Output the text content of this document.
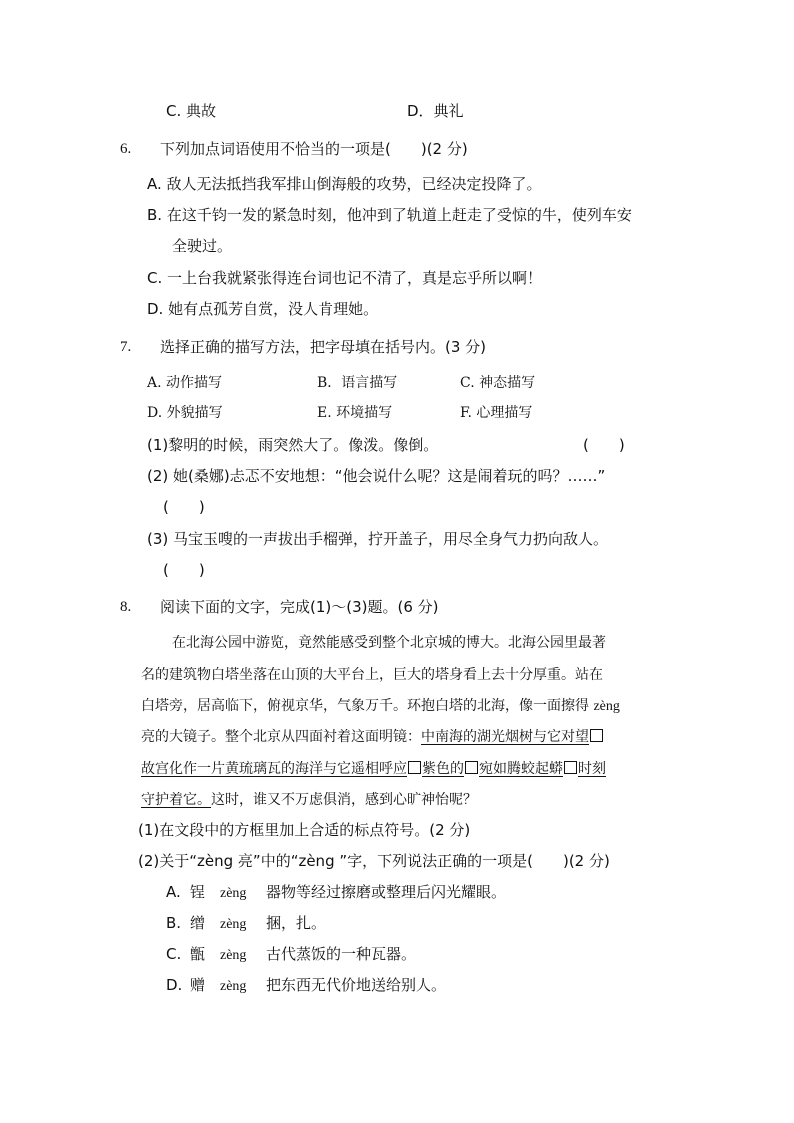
C. 典故	D．典礼
6. 下列加点词语使用不恰当的一项是(　　)(2 分)
A. 敌人无法抵挡我军排山倒海般的攻势，已经决定投降了。
B. 在这千钧一发的紧急时刻，他冲到了轨道上赶走了受惊的牛，使列车安
全驶过。
C. 一上台我就紧张得连台词也记不清了，真是忘乎所以啊！
D. 她有点孤芳自赏，没人肯理她。
7. 选择正确的描写方法，把字母填在括号内。(3 分)
A. 动作描写	B．语言描写	C. 神态描写
D. 外貌描写	E. 环境描写	F. 心理描写
(1)黎明的时候，雨突然大了。像泼。像倒。	(　　)
(2) 她(桑娜)忐忑不安地想：“他会说什么呢？这是闹着玩的吗？……”
(　　)
(3) 马宝玉嗖的一声拔出手榴弹，拧开盖子，用尽全身气力扔向敌人。
(　　)
8. 阅读下面的文字，完成(1)～(3)题。(6 分)
在北海公园中游览，竟然能感受到整个北京城的博大。北海公园里最著
名的建筑物白塔坐落在山顶的大平台上，巨大的塔身看上去十分厚重。站在
白塔旁，居高临下，俯视京华，气象万千。环抱白塔的北海，像一面擦得 zèng
亮的大镜子。整个北京从四面衬着这面明镜：中南海的湖光烟树与它对望
故宫化作一片黄琉璃瓦的海洋与它遥相呼应 紫色的 宛如腾蛟起蟒 时刻
守护着它。这时，谁又不万虑俱消，感到心旷神怡呢？
(1)在文段中的方框里加上合适的标点符号。(2 分)
(2)关于“zèng 亮”中的“zèng ”字，下列说法正确的一项是(　　)(2 分)
A. 锃 zèng 器物等经过擦磨或整理后闪光耀眼。
B. 缯 zèng 捆，扎。
C. 甑 zèng 古代蒸饭的一种瓦器。
D. 赠 zèng 把东西无代价地送给别人。
